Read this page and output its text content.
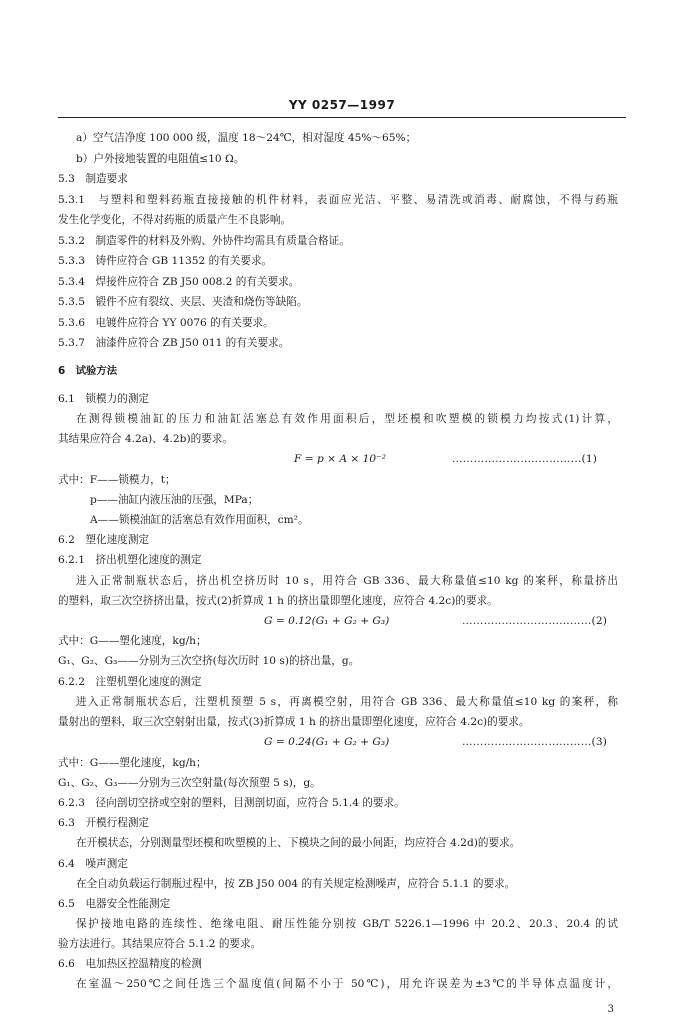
YY 0257—1997
a）空气洁净度 100 000 级，温度 18～24℃，相对湿度 45%～65%；
b）户外接地装置的电阻值≤10 Ω。
5.3　制造要求
5.3.1　与塑料和塑料药瓶直接接触的机件材料，表面应光洁、平整、易清洗或消毒、耐腐蚀，不得与药瓶
发生化学变化，不得对药瓶的质量产生不良影响。
5.3.2　制造零件的材料及外购、外协件均需具有质量合格证。
5.3.3　铸件应符合 GB 11352 的有关要求。
5.3.4　焊接件应符合 ZB J50 008.2 的有关要求。
5.3.5　锻件不应有裂纹、夹层、夹渣和烧伤等缺陷。
5.3.6　电镀件应符合 YY 0076 的有关要求。
5.3.7　油漆件应符合 ZB J50 011 的有关要求。
6　试验方法
6.1　锁模力的测定
在测得锁模油缸的压力和油缸活塞总有效作用面积后，型坯模和吹塑模的锁模力均按式(1)计算，
其结果应符合 4.2a)、4.2b)的要求。
F = p × A × 10⁻²	………………………………(1)
式中：F——锁模力，t；
p——油缸内液压油的压强，MPa；
A——锁模油缸的活塞总有效作用面积，cm²。
6.2　塑化速度测定
6.2.1　挤出机塑化速度的测定
进入正常制瓶状态后，挤出机空挤历时 10 s，用符合 GB 336、最大称量值≤10 kg 的案秤，称量挤出
的塑料，取三次空挤挤出量，按式(2)折算成 1 h 的挤出量即塑化速度，应符合 4.2c)的要求。
G = 0.12(G₁ + G₂ + G₃)	………………………………(2)
式中：G——塑化速度，kg/h；
G₁、G₂、G₃——分别为三次空挤(每次历时 10 s)的挤出量，g。
6.2.2　注塑机塑化速度的测定
进入正常制瓶状态后，注塑机预塑 5 s，再离模空射，用符合 GB 336、最大称量值≤10 kg 的案秤，称
量射出的塑料，取三次空射射出量，按式(3)折算成 1 h 的挤出量即塑化速度，应符合 4.2c)的要求。
G = 0.24(G₁ + G₂ + G₃)	………………………………(3)
式中：G——塑化速度，kg/h；
G₁、G₂、G₃——分别为三次空射量(每次预塑 5 s)，g。
6.2.3　径向剖切空挤或空射的塑料，目测剖切面，应符合 5.1.4 的要求。
6.3　开模行程测定
在开模状态，分别测量型坯模和吹塑模的上、下模块之间的最小间距，均应符合 4.2d)的要求。
6.4　噪声测定
在全自动负载运行制瓶过程中，按 ZB J50 004 的有关规定检测噪声，应符合 5.1.1 的要求。
6.5　电器安全性能测定
保护接地电路的连续性、绝缘电阻、耐压性能分别按 GB/T 5226.1—1996 中 20.2、20.3、20.4 的试
验方法进行。其结果应符合 5.1.2 的要求。
6.6　电加热区控温精度的检测
在室温～250℃之间任选三个温度值(间隔不小于 50℃)，用允许误差为±3℃的半导体点温度计，
3
